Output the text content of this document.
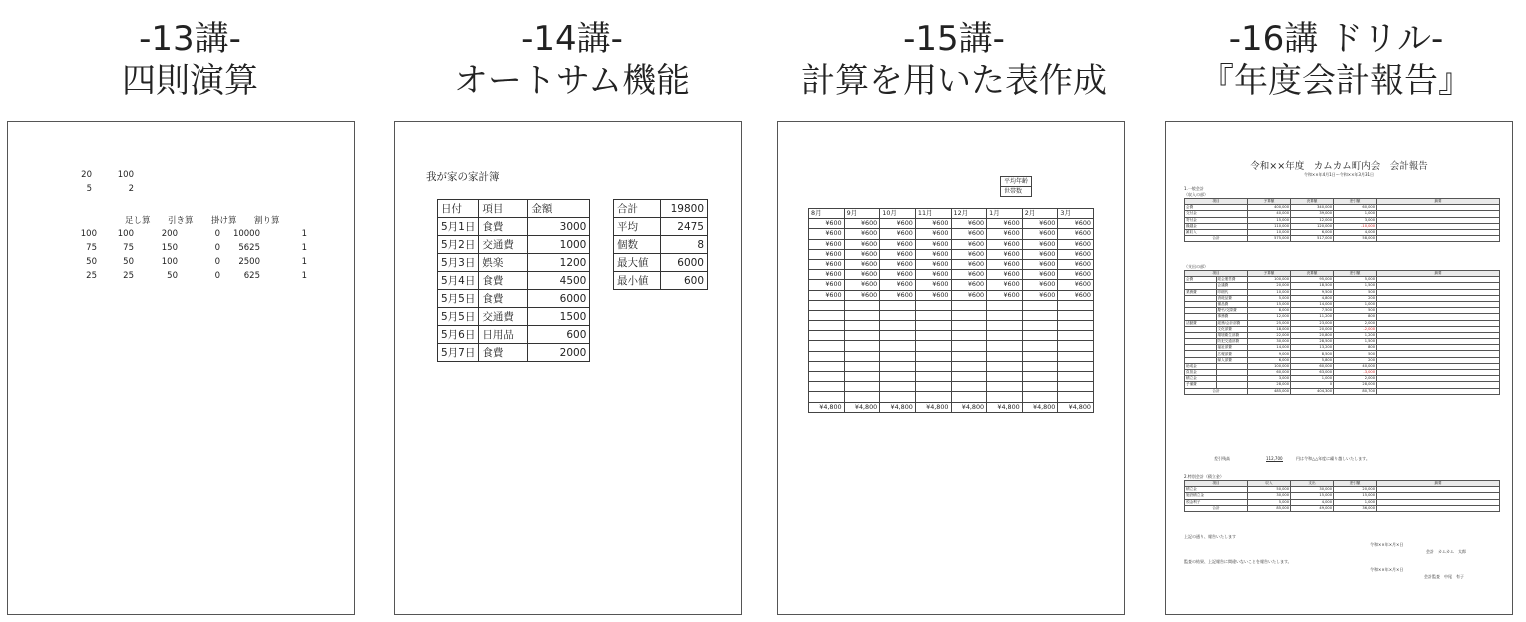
-13講-
四則演算
-14講-
オートサム機能
-15講-
計算を用いた表作成
-16講 ドリル-
『年度会計報告』
20	100
5	2
足し算 引き算 掛け算 割り算
100	100	200	0	10000	1
75	75	150	0	5625	1
50	50	100	0	2500	1
25	25	50	0	625	1
我が家の家計簿
日付	項目	金額
5月1日	食費	3000
5月2日	交通費	1000
5月3日	娯楽	1200
5月4日	食費	4500
5月5日	食費	6000
5月5日	交通費	1500
5月6日	日用品	600
5月7日	食費	2000
合計	19800
平均	2475
個数	8
最大値	6000
最小値	600
平均年齢
世帯数
8月	9月	10月	11月	12月	1月	2月	3月
¥600	¥600	¥600	¥600	¥600	¥600	¥600	¥600
¥600	¥600	¥600	¥600	¥600	¥600	¥600	¥600
¥600	¥600	¥600	¥600	¥600	¥600	¥600	¥600
¥600	¥600	¥600	¥600	¥600	¥600	¥600	¥600
¥600	¥600	¥600	¥600	¥600	¥600	¥600	¥600
¥600	¥600	¥600	¥600	¥600	¥600	¥600	¥600
¥600	¥600	¥600	¥600	¥600	¥600	¥600	¥600
¥600	¥600	¥600	¥600	¥600	¥600	¥600	¥600

¥4,800	¥4,800	¥4,800	¥4,800	¥4,800	¥4,800	¥4,800	¥4,800
令和××年度　カムカム町内会　会計報告
令和××年4月1日～令和××年3月31日
1.一般会計
（収入の部）
項目	予算額	決算額	差引額	摘要
会費	400,000	340,000	60,000	
交付金	40,000	39,000	1,000	
寄付金	15,000	12,000	3,000	
繰越金	110,000	120,000	-10,000	
雑収入	10,000	6,000	4,000	
合計	575,000	517,000	58,000	
（支出の部）
項目		予算額	決算額	差引額	摘要
会費	総会運営費	100,000	95,000	5,000	
	会議費	20,000	18,500	1,500	
業務費	印刷代	10,000	9,500	500	
	消耗品費	5,000	4,800	200	
	備品費	15,000	14,000	1,000	
	慶弔/交際費	8,000	7,500	500	
	事務費	12,000	11,200	800	
活動費	総務/会計部費	25,000	23,000	2,000	
	文化部費	18,000	20,000	-2,000	
	環境衛生部費	22,000	20,800	1,200	
	防犯交通部費	30,000	28,500	1,500	
	福祉部費	14,000	13,200	800	
	広報部費	9,000	8,500	500	
	婦人部費	6,000	5,800	200	
助成金		100,000	60,000	40,000	
負担金		60,000	63,000	-3,000	
積立金		3,000	1,000	2,000	
予備費		28,000	0	28,000	
合計		485,000	404,300	80,700	
差引残高	112,700	円は令和△△年度に繰り越しいたします。
2.特別会計（積立金）
項目	収入	支出	差引額	摘要
積立金	50,000	30,000	20,000	
施設積立金	30,000	15,000	15,000	
預金利子	5,000	4,000	1,000	
合計	85,000	49,000	36,000	
上記の通り、報告いたします
令和××年×月×日
会計　カムカム　太郎
監査の結果、上記報告に間違いないことを報告いたします。
令和××年×月×日
会計監査　中尾　有子
